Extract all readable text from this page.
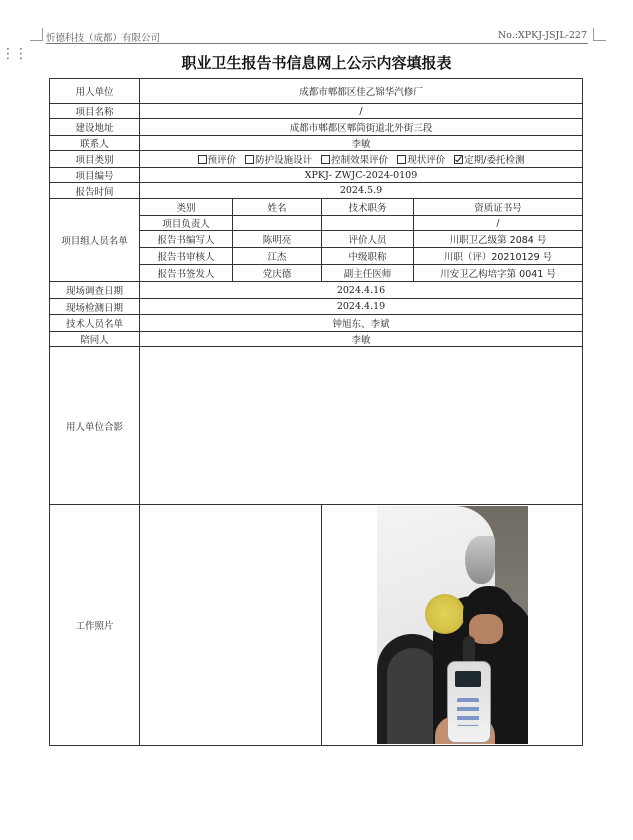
忻德科技（成都）有限公司	No.:XPKJ-JSJL-227
⋮⋮	职业卫生报告书信息网上公示内容填报表
用人单位	成都市郫都区佳乙锦华汽修厂			
项目名称	/			
建设地址	成都市郫都区郫筒街道北外街三段			
联系人	李敏			
项目类别	预评价 防护设施设计 控制效果评价 现状评价 定期/委托检测			
项目编号	XPKJ- ZWJC-2024-0109			
报告时间	2024.5.9			
项目组人员名单	类别	姓名	技术职务	资质证书号
	项目负责人			/
	报告书编写人	陈明亮	评价人员	川职卫乙级第 2084 号
	报告书审核人	江杰	中级职称	川职（评）20210129 号
	报告书签发人	党庆德	副主任医师	川安卫乙构培字第 0041 号
现场调查日期	2024.4.16			
现场检测日期	2024.4.19			
技术人员名单	钟旭东、李斌			
陪同人	李敏			
用人单位合影				
工作照片				
